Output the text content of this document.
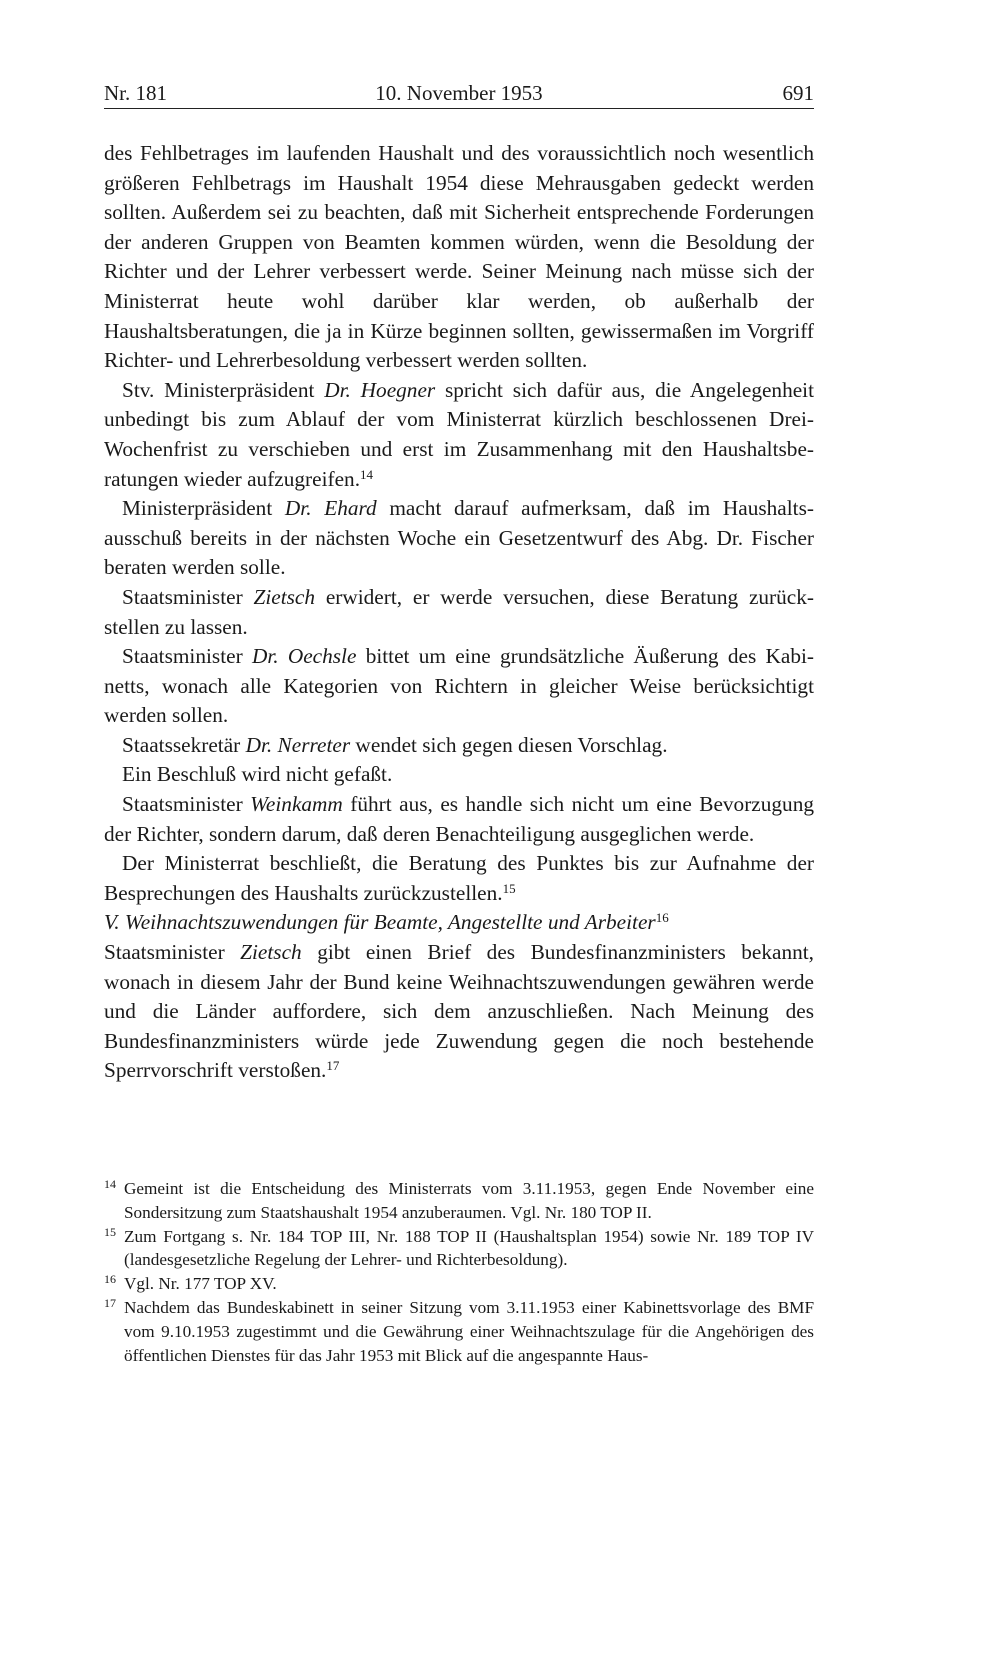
Nr. 181	10. November 1953	691

des Fehlbetrages im laufenden Haushalt und des voraussichtlich noch wesentlich größeren Fehlbetrags im Haushalt 1954 diese Mehrausgaben gedeckt werden sollten. Außerdem sei zu beachten, daß mit Sicherheit entsprechende Forderungen der anderen Gruppen von Beamten kommen würden, wenn die Besoldung der Richter und der Lehrer verbessert werde. Seiner Meinung nach müsse sich der Ministerrat heute wohl darüber klar werden, ob außerhalb der Haushaltsberatungen, die ja in Kürze beginnen sollten, gewissermaßen im Vorgriff Richter- und Lehrerbesoldung verbessert werden sollten.

Stv. Ministerpräsident Dr. Hoegner spricht sich dafür aus, die Angelegenheit unbedingt bis zum Ablauf der vom Ministerrat kürzlich beschlossenen Drei-Wochenfrist zu verschieben und erst im Zusammenhang mit den Haushaltsberatungen wieder aufzugreifen.$^{14}$

Ministerpräsident Dr. Ehard macht darauf aufmerksam, daß im Haushaltsausschuß bereits in der nächsten Woche ein Gesetzentwurf des Abg. Dr. Fischer beraten werden solle.

Staatsminister Zietsch erwidert, er werde versuchen, diese Beratung zurückstellen zu lassen.

Staatsminister Dr. Oechsle bittet um eine grundsätzliche Äußerung des Kabinetts, wonach alle Kategorien von Richtern in gleicher Weise berücksichtigt werden sollen.

Staatssekretär Dr. Nerreter wendet sich gegen diesen Vorschlag.

Ein Beschluß wird nicht gefaßt.

Staatsminister Weinkamm führt aus, es handle sich nicht um eine Bevorzugung der Richter, sondern darum, daß deren Benachteiligung ausgeglichen werde.

Der Ministerrat beschließt, die Beratung des Punktes bis zur Aufnahme der Besprechungen des Haushalts zurückzustellen.$^{15}$

V. Weihnachtszuwendungen für Beamte, Angestellte und Arbeiter$^{16}$

Staatsminister Zietsch gibt einen Brief des Bundesfinanzministers bekannt, wonach in diesem Jahr der Bund keine Weihnachtszuwendungen gewähren werde und die Länder auffordere, sich dem anzuschließen. Nach Meinung des Bundesfinanzministers würde jede Zuwendung gegen die noch bestehende Sperrvorschrift verstoßen.$^{17}$

14 Gemeint ist die Entscheidung des Ministerrats vom 3.11.1953, gegen Ende November eine Sondersitzung zum Staatshaushalt 1954 anzuberaumen. Vgl. Nr. 180 TOP II.
15 Zum Fortgang s. Nr. 184 TOP III, Nr. 188 TOP II (Haushaltsplan 1954) sowie Nr. 189 TOP IV (landesgesetzliche Regelung der Lehrer- und Richterbesoldung).
16 Vgl. Nr. 177 TOP XV.
17 Nachdem das Bundeskabinett in seiner Sitzung vom 3.11.1953 einer Kabinettsvorlage des BMF vom 9.10.1953 zugestimmt und die Gewährung einer Weihnachtszulage für die Angehörigen des öffentlichen Dienstes für das Jahr 1953 mit Blick auf die angespannte Haus-
